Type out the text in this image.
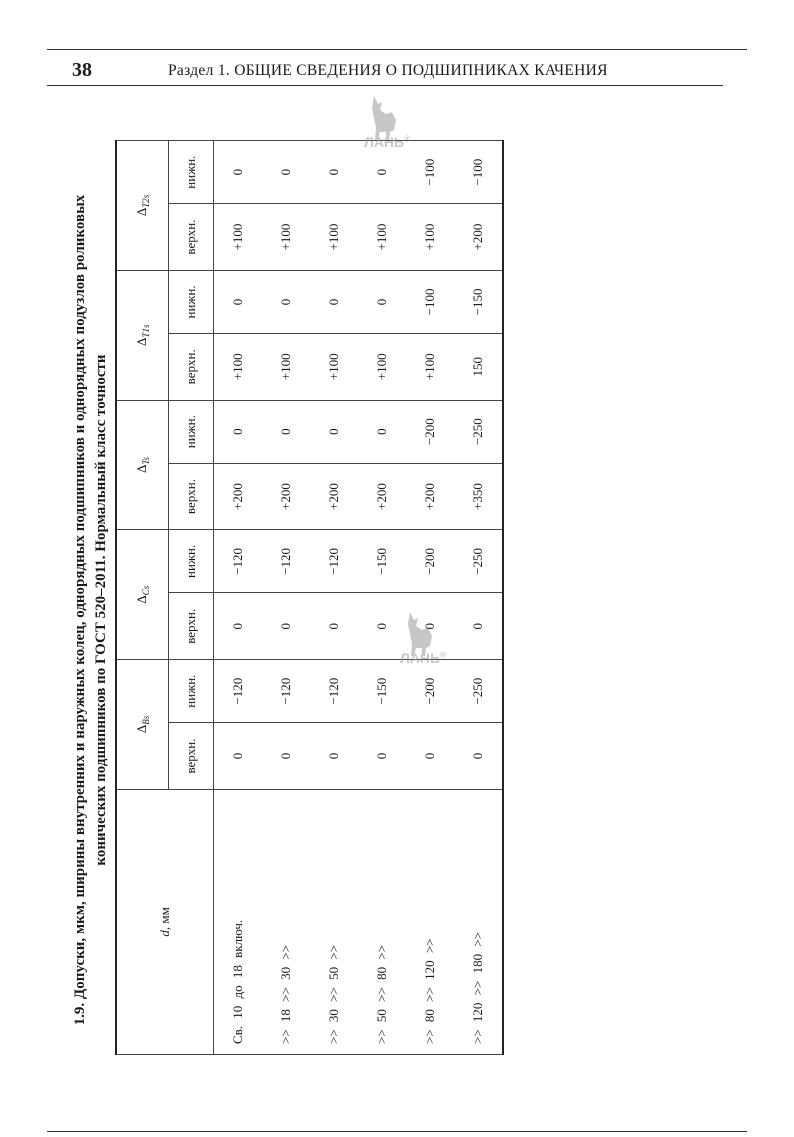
38	Раздел 1. ОБЩИЕ СВЕДЕНИЯ О ПОДШИПНИКАХ КАЧЕНИЯ
1.9. Допуски, мкм, ширины внутренних и наружных колец, однорядных подшипников и однорядных подузлов роликовых конических подшипников по ГОСТ 520–2011. Нормальный класс точности
d, мм	$\Delta_{Bs}$		$\Delta_{Cs}$		$\Delta_{Ts}$		$\Delta_{T1s}$		$\Delta_{T2s}$
	верхн.	нижн.	верхн.	нижн.	верхн.	нижн.	верхн.	нижн.	верхн.	нижн.
Св. 10 до 18 включ.	0	−120	0	−120	+200	0	+100	0	+100	0
>> 18 >> 30 >>	0	−120	0	−120	+200	0	+100	0	+100	0
>> 30 >> 50 >>	0	−120	0	−120	+200	0	+100	0	+100	0
>> 50 >> 80 >>	0	−150	0	−150	+200	0	+100	0	+100	0
>> 80 >> 120 >>	0	−200	0	−200	+200	−200	+100	−100	+100	−100
>> 120 >> 180 >>	0	−250	0	−250	+350	−250	150	−150	+200	−100
ЛАНЬ®
ЛАНЬ®
